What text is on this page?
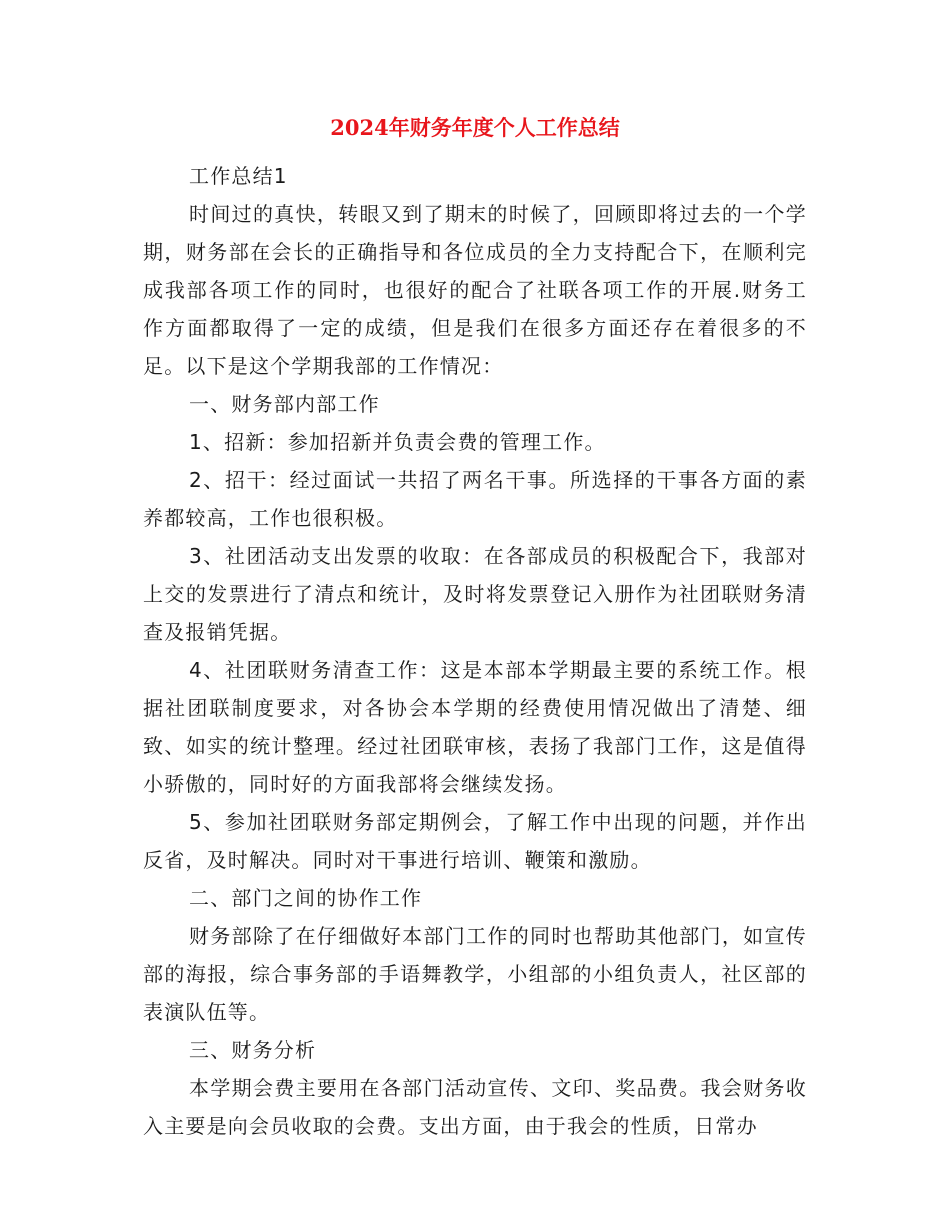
2024年财务年度个人工作总结

工作总结1

时间过的真快，转眼又到了期末的时候了，回顾即将过去的一个学期，财务部在会长的正确指导和各位成员的全力支持配合下，在顺利完成我部各项工作的同时，也很好的配合了社联各项工作的开展.财务工作方面都取得了一定的成绩，但是我们在很多方面还存在着很多的不足。以下是这个学期我部的工作情况：

一、财务部内部工作

1、招新：参加招新并负责会费的管理工作。

2、招干：经过面试一共招了两名干事。所选择的干事各方面的素养都较高，工作也很积极。

3、社团活动支出发票的收取：在各部成员的积极配合下，我部对上交的发票进行了清点和统计，及时将发票登记入册作为社团联财务清查及报销凭据。

4、社团联财务清查工作：这是本部本学期最主要的系统工作。根据社团联制度要求，对各协会本学期的经费使用情况做出了清楚、细致、如实的统计整理。经过社团联审核，表扬了我部门工作，这是值得小骄傲的，同时好的方面我部将会继续发扬。

5、参加社团联财务部定期例会，了解工作中出现的问题，并作出反省，及时解决。同时对干事进行培训、鞭策和激励。

二、部门之间的协作工作

财务部除了在仔细做好本部门工作的同时也帮助其他部门，如宣传部的海报，综合事务部的手语舞教学，小组部的小组负责人，社区部的表演队伍等。

三、财务分析

本学期会费主要用在各部门活动宣传、文印、奖品费。我会财务收入主要是向会员收取的会费。支出方面，由于我会的性质，日常办
